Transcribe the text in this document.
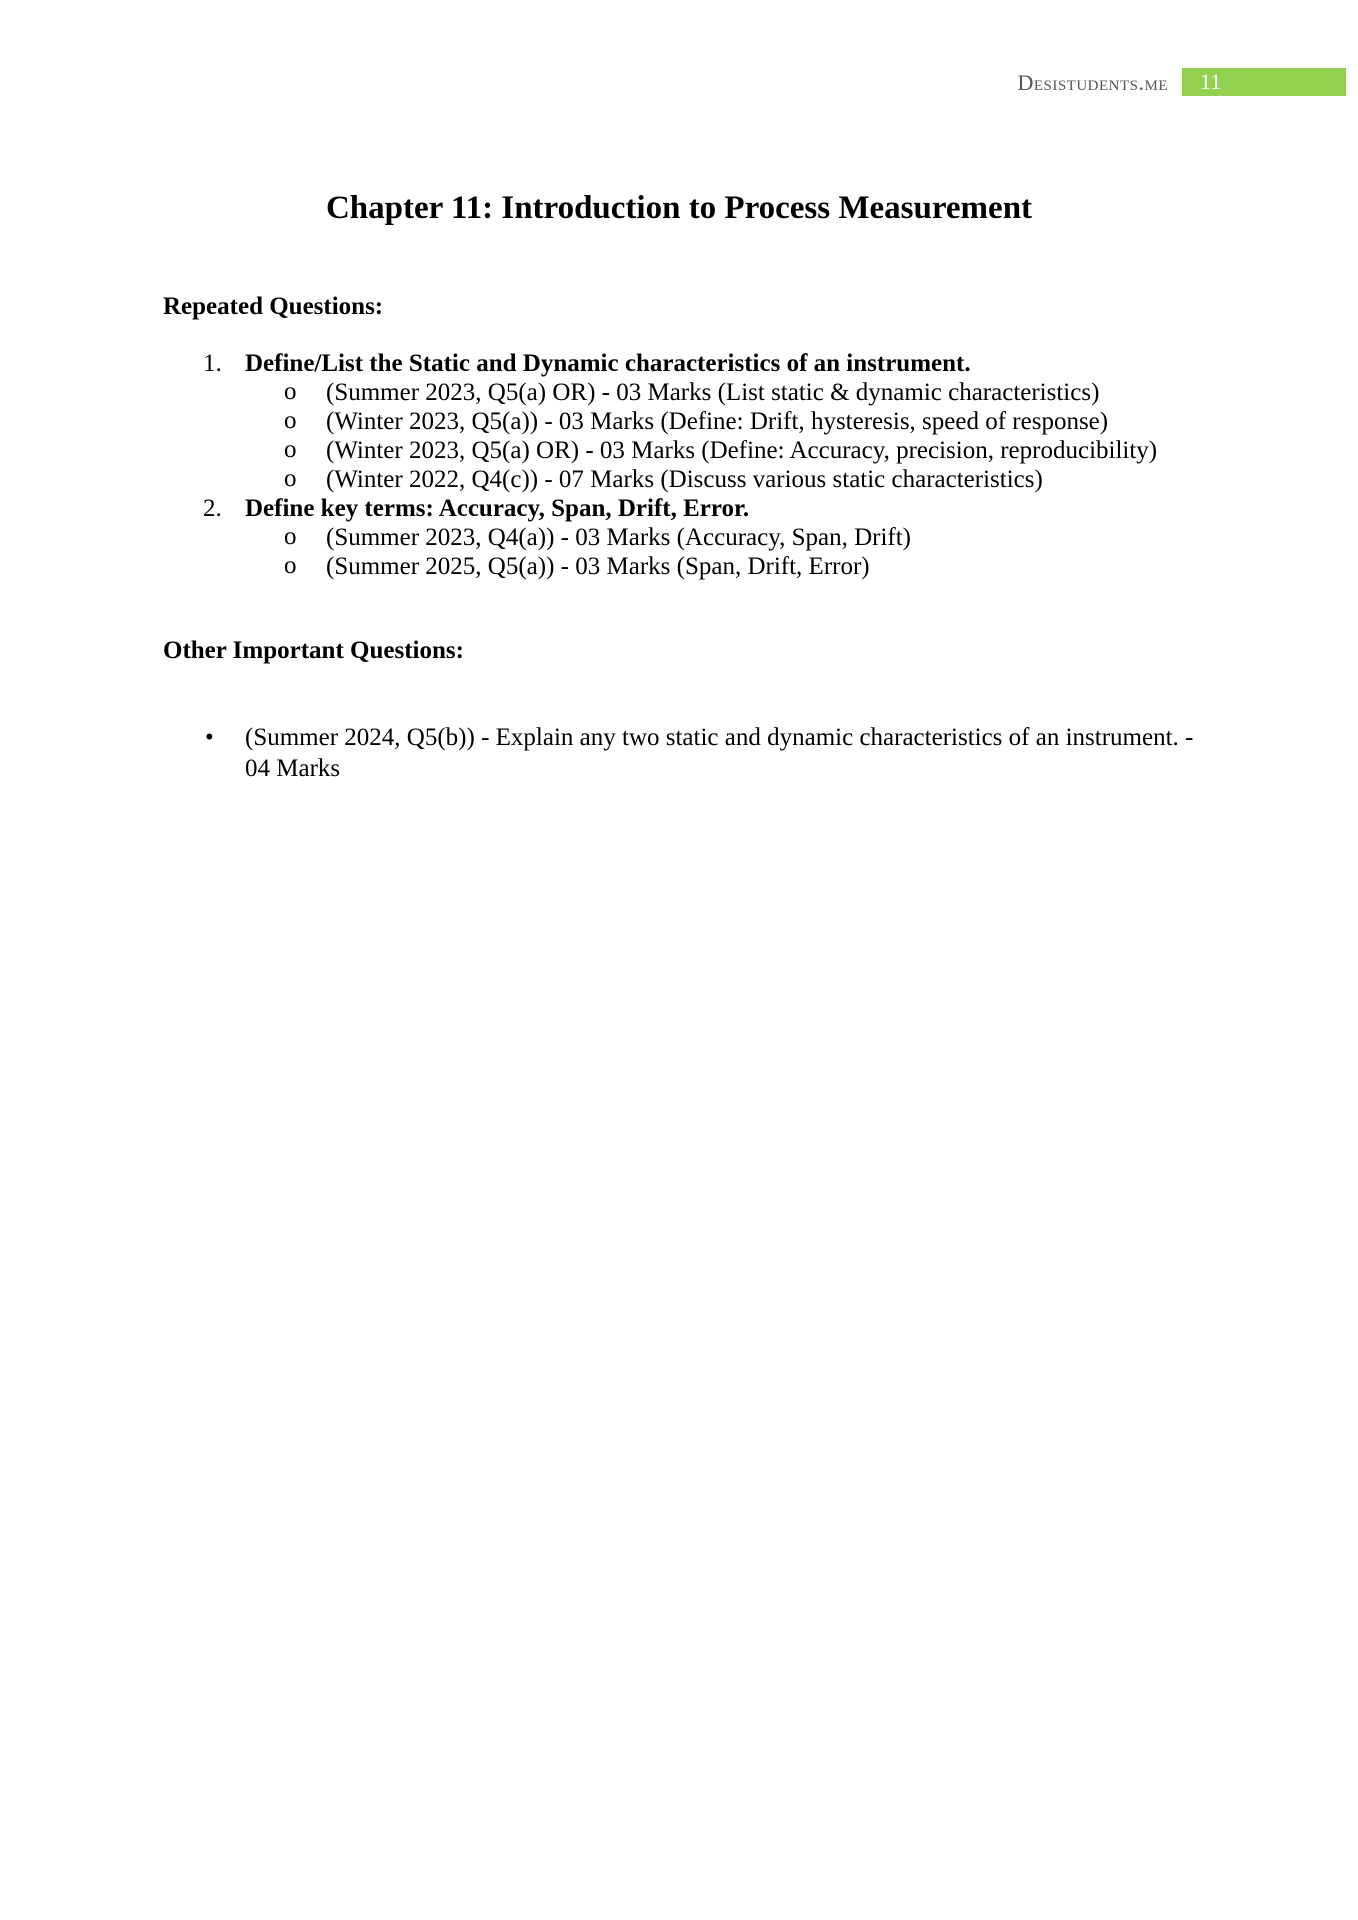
Desistudents.me 11
Chapter 11: Introduction to Process Measurement
Repeated Questions:
1. Define/List the Static and Dynamic characteristics of an instrument.
o (Summer 2023, Q5(a) OR) - 03 Marks (List static & dynamic characteristics)
o (Winter 2023, Q5(a)) - 03 Marks (Define: Drift, hysteresis, speed of response)
o (Winter 2023, Q5(a) OR) - 03 Marks (Define: Accuracy, precision, reproducibility)
o (Winter 2022, Q4(c)) - 07 Marks (Discuss various static characteristics)
2. Define key terms: Accuracy, Span, Drift, Error.
o (Summer 2023, Q4(a)) - 03 Marks (Accuracy, Span, Drift)
o (Summer 2025, Q5(a)) - 03 Marks (Span, Drift, Error)
Other Important Questions:
• (Summer 2024, Q5(b)) - Explain any two static and dynamic characteristics of an instrument. - 04 Marks
